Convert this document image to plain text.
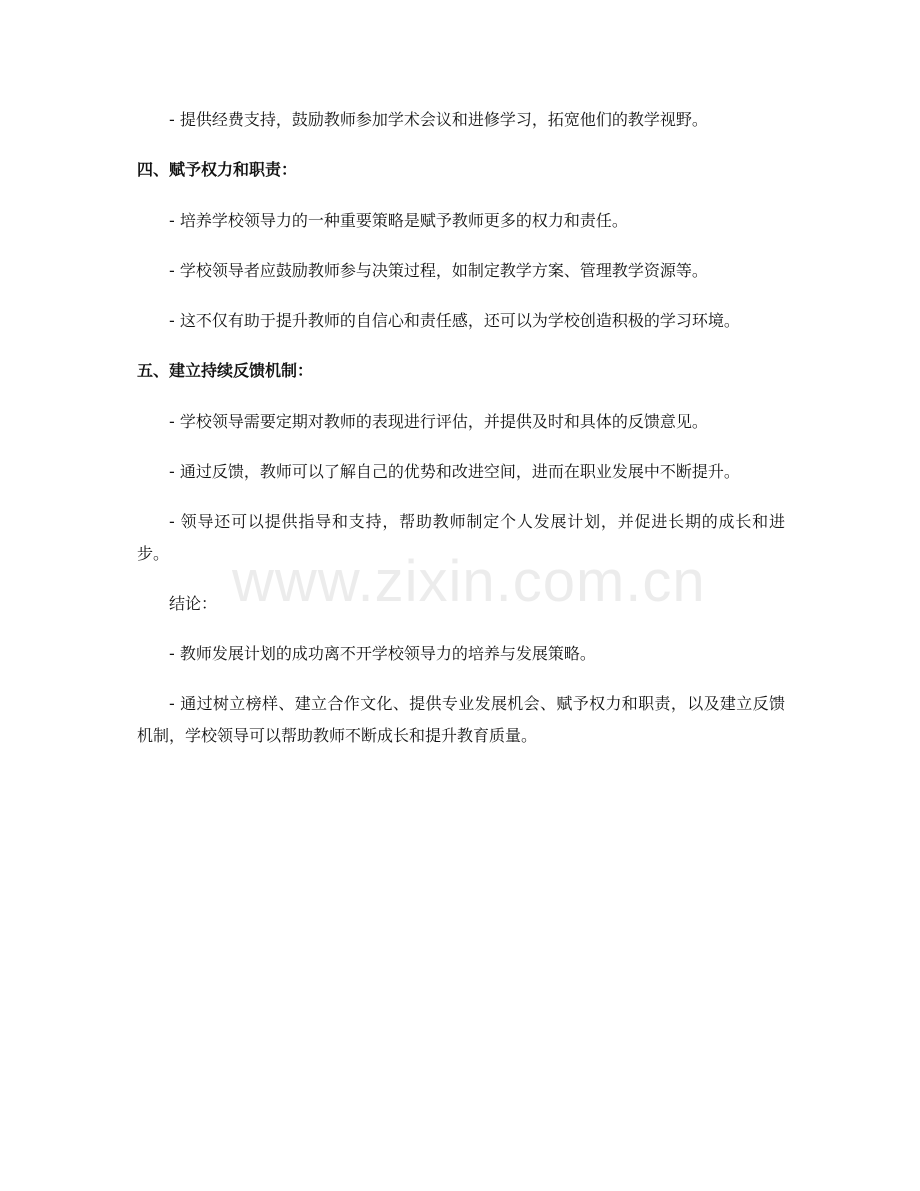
- 提供经费支持，鼓励教师参加学术会议和进修学习，拓宽他们的教学视野。

四、赋予权力和职责：

- 培养学校领导力的一种重要策略是赋予教师更多的权力和责任。

- 学校领导者应鼓励教师参与决策过程，如制定教学方案、管理教学资源等。

- 这不仅有助于提升教师的自信心和责任感，还可以为学校创造积极的学习环境。

五、建立持续反馈机制：

- 学校领导需要定期对教师的表现进行评估，并提供及时和具体的反馈意见。

- 通过反馈，教师可以了解自己的优势和改进空间，进而在职业发展中不断提升。

- 领导还可以提供指导和支持，帮助教师制定个人发展计划，并促进长期的成长和进步。

结论：

- 教师发展计划的成功离不开学校领导力的培养与发展策略。

- 通过树立榜样、建立合作文化、提供专业发展机会、赋予权力和职责，以及建立反馈机制，学校领导可以帮助教师不断成长和提升教育质量。

www.zixin.com.cn
